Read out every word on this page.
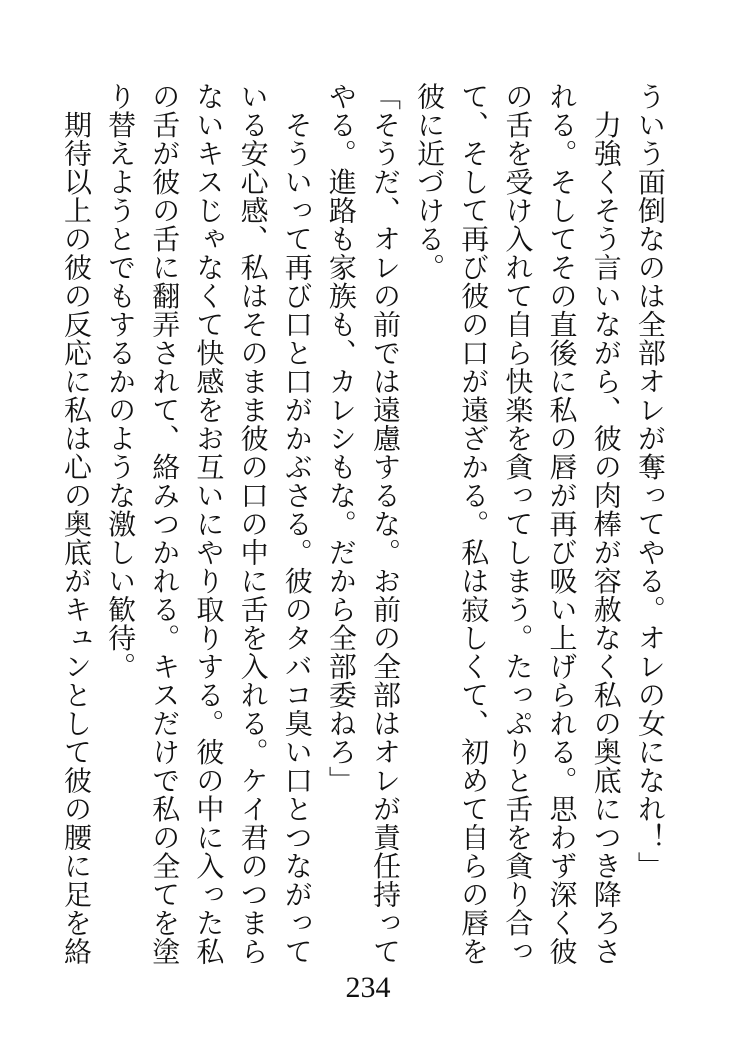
ういう面倒なのは全部オレが奪ってやる。オレの女になれ！」
　力強くそう言いながら、彼の肉棒が容赦なく私の奥底につき降ろさ
れる。そしてその直後に私の唇が再び吸い上げられる。思わず深く彼
の舌を受け入れて自ら快楽を貪ってしまう。たっぷりと舌を貪り合っ
て、そして再び彼の口が遠ざかる。私は寂しくて、初めて自らの唇を
彼に近づける。
「そうだ、オレの前では遠慮するな。お前の全部はオレが責任持って
やる。進路も家族も、カレシもな。だから全部委ねろ」
　そういって再び口と口がかぶさる。彼のタバコ臭い口とつながって
いる安心感、私はそのまま彼の口の中に舌を入れる。ケイ君のつまら
ないキスじゃなくて快感をお互いにやり取りする。彼の中に入った私
の舌が彼の舌に翻弄されて、絡みつかれる。キスだけで私の全てを塗
り替えようとでもするかのような激しい歓待。
　期待以上の彼の反応に私は心の奥底がキュンとして彼の腰に足を絡
234
